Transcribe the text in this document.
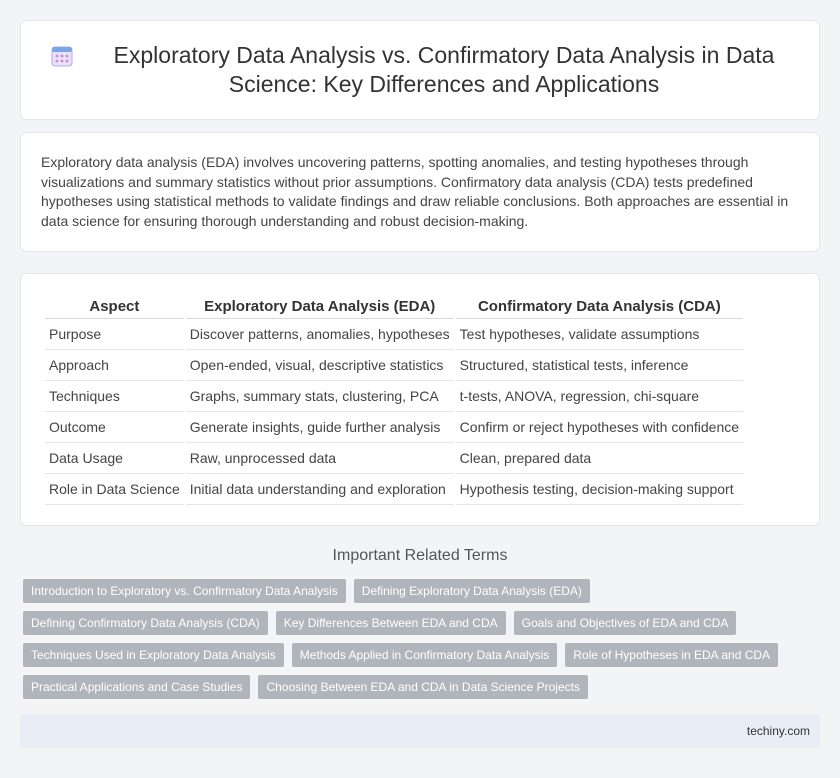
Exploratory Data Analysis vs. Confirmatory Data Analysis in Data Science: Key Differences and Applications

Exploratory data analysis (EDA) involves uncovering patterns, spotting anomalies, and testing hypotheses through visualizations and summary statistics without prior assumptions. Confirmatory data analysis (CDA) tests predefined hypotheses using statistical methods to validate findings and draw reliable conclusions. Both approaches are essential in data science for ensuring thorough understanding and robust decision-making.

Aspect	Exploratory Data Analysis (EDA)	Confirmatory Data Analysis (CDA)
Purpose	Discover patterns, anomalies, hypotheses	Test hypotheses, validate assumptions
Approach	Open-ended, visual, descriptive statistics	Structured, statistical tests, inference
Techniques	Graphs, summary stats, clustering, PCA	t-tests, ANOVA, regression, chi-square
Outcome	Generate insights, guide further analysis	Confirm or reject hypotheses with confidence
Data Usage	Raw, unprocessed data	Clean, prepared data
Role in Data Science	Initial data understanding and exploration	Hypothesis testing, decision-making support
Important Related Terms
Introduction to Exploratory vs. Confirmatory Data Analysis	Defining Exploratory Data Analysis (EDA)
Defining Confirmatory Data Analysis (CDA)	Key Differences Between EDA and CDA	Goals and Objectives of EDA and CDA
Techniques Used in Exploratory Data Analysis	Methods Applied in Confirmatory Data Analysis	Role of Hypotheses in EDA and CDA
Practical Applications and Case Studies	Choosing Between EDA and CDA in Data Science Projects
techiny.com
